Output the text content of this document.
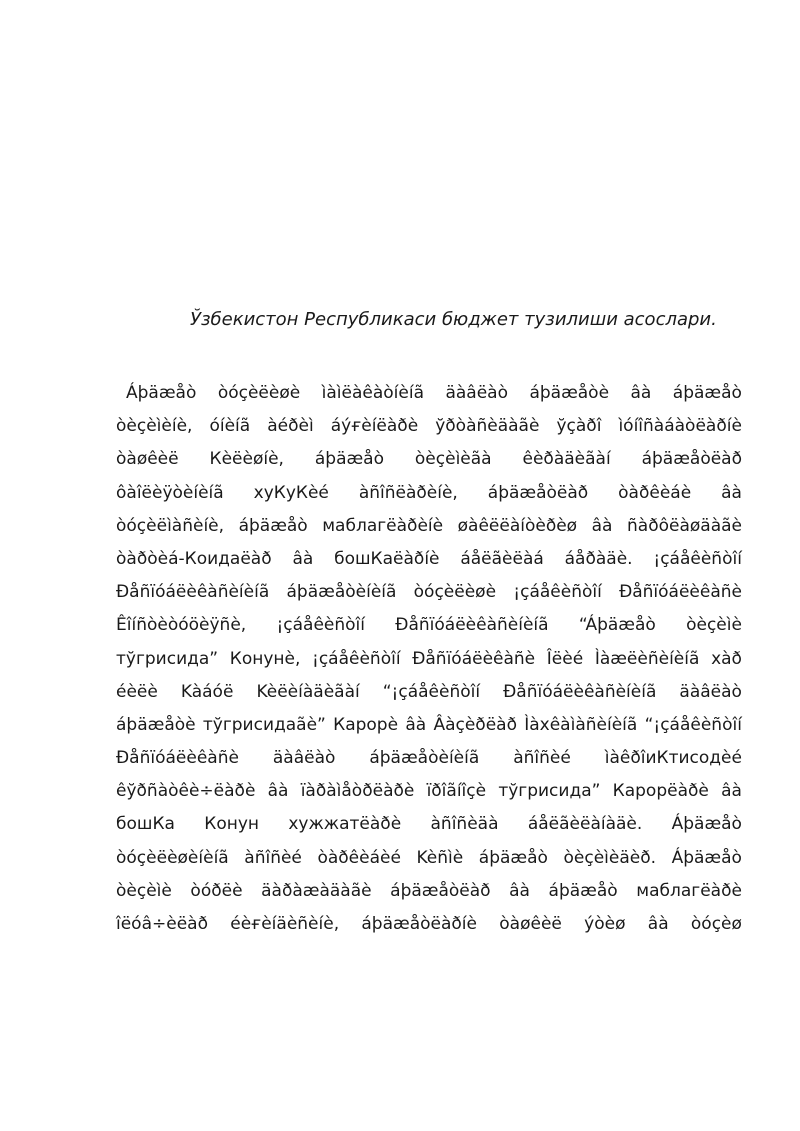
Ўзбекистон Республикаси бюджет тузилиши асослари.
Áþäæåò òóçèëèøè ìàìëàêàòíèíã äàâëàò áþäæåòè âà áþäæåò
òèçèìèíè, óíèíã àéðèì áýғèíëàðè ўðòàñèäàãè ўçàðî ìóíîñàáàòëàðíè
òàøêèë Кèëèøíè, áþäæåò òèçèìèãà êèðàäèãàí áþäæåòëàð
ôàîëèÿòèíèíã хуКуКèé àñîñëàðèíè, áþäæåòëàð òàðêèáè âà
òóçèëìàñèíè, áþäæåò маблагëàðèíè øàêëëàíòèðèø âà ñàðôëàøäàãè
òàðòèá-Коидаëàð âà бошКаëàðíè áåëãèëàá áåðàäè. ¡çáåêèñòîí
Ðåñïóáëèêàñèíèíã áþäæåòèíèíã òóçèëèøè ¡çáåêèñòîí Ðåñïóáëèêàñè
Êîíñòèòóöèÿñè, ¡çáåêèñòîí Ðåñïóáëèêàñèíèíã “Áþäæåò òèçèìè
тўгрисида” Конунè, ¡çáåêèñòîí Ðåñïóáëèêàñè Îëèé Ìàæëèñèíèíã хàð
éèëè Kàáóë Kèëèíàäèãàí “¡çáåêèñòîí Ðåñïóáëèêàñèíèíã äàâëàò
áþäæåòè тўгрисидаãè” Карорè âà Âàçèðëàð Ìàхêàìàñèíèíã “¡çáåêèñòîí
Ðåñïóáëèêàñè äàâëàò áþäæåòèíèíã àñîñèé ìàêðîиКтисодèé
êўðñàòêè÷ëàðè âà ïàðàìåòðëàðè ïðîãíîçè тўгрисида” Карорëàðè âà
бошКа Конун хужжатëàðè àñîñèäà áåëãèëàíàäè. Áþäæåò
òóçèëèøèíèíã àñîñèé òàðêèáèé Kèñìè áþäæåò òèçèìèäèð. Áþäæåò
òèçèìè òóðëè äàðàæàäàãè áþäæåòëàð âà áþäæåò маблагëàðè
îëóâ÷èëàð éèғèíäèñèíè, áþäæåòëàðíè òàøêèë ýòèø âà òóçèø
